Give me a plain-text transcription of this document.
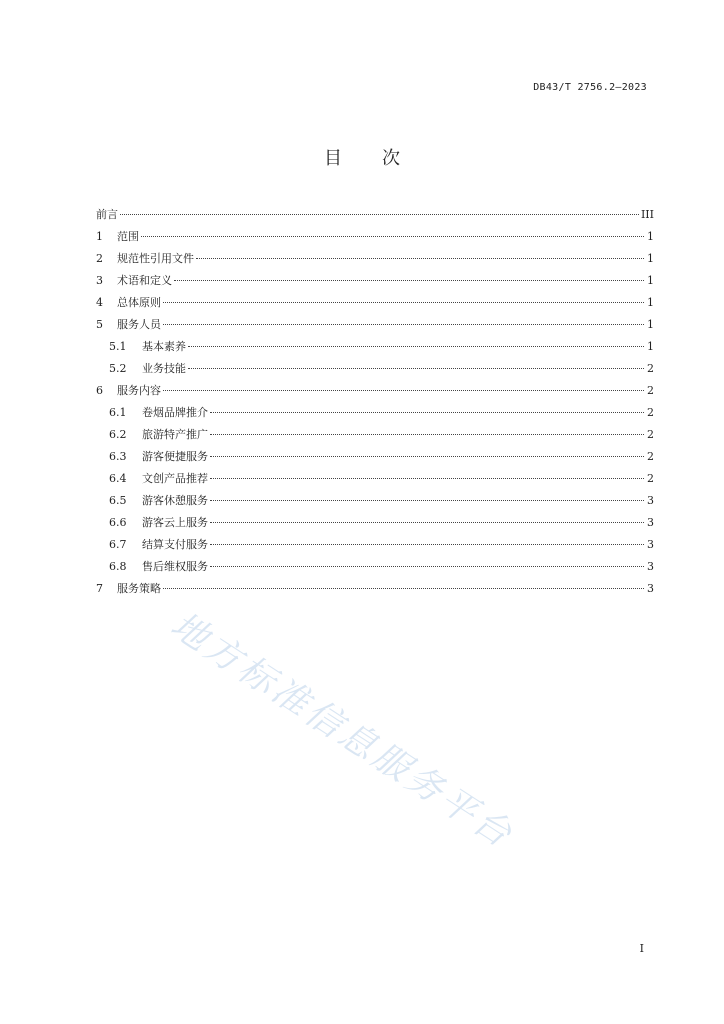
DB43/T 2756.2—2023
目次
前言	III
1	范围	1
2	规范性引用文件	1
3	术语和定义	1
4	总体原则	1
5	服务人员	1
5.1	基本素养	1
5.2	业务技能	2
6	服务内容	2
6.1	卷烟品牌推介	2
6.2	旅游特产推广	2
6.3	游客便捷服务	2
6.4	文创产品推荐	2
6.5	游客休憩服务	3
6.6	游客云上服务	3
6.7	结算支付服务	3
6.8	售后维权服务	3
7	服务策略	3
地方标准信息服务平台
I
